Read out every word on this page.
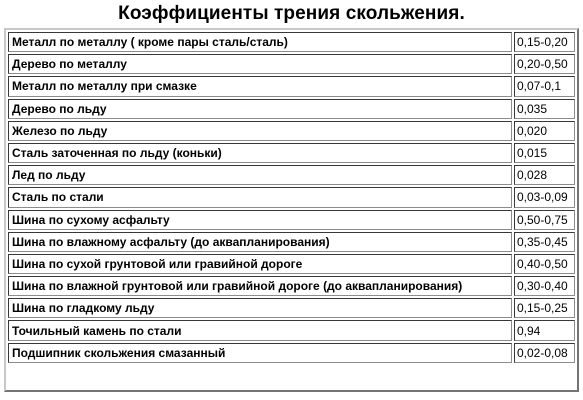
Коэффициенты трения скольжения.
Металл по металлу ( кроме пары сталь/сталь)	0,15-0,20
Дерево по металлу	0,20-0,50
Металл по металлу при смазке	0,07-0,1
Дерево по льду	0,035
Железо по льду	0,020
Сталь заточенная по льду (коньки)	0,015
Лед по льду	0,028
Сталь по стали	0,03-0,09
Шина по сухому асфальту	0,50-0,75
Шина по влажному асфальту (до аквапланирования)	0,35-0,45
Шина по сухой грунтовой или гравийной дороге	0,40-0,50
Шина по влажной грунтовой или гравийной дороге (до аквапланирования)	0,30-0,40
Шина по гладкому льду	0,15-0,25
Точильный камень по стали	0,94
Подшипник скольжения смазанный	0,02-0,08
